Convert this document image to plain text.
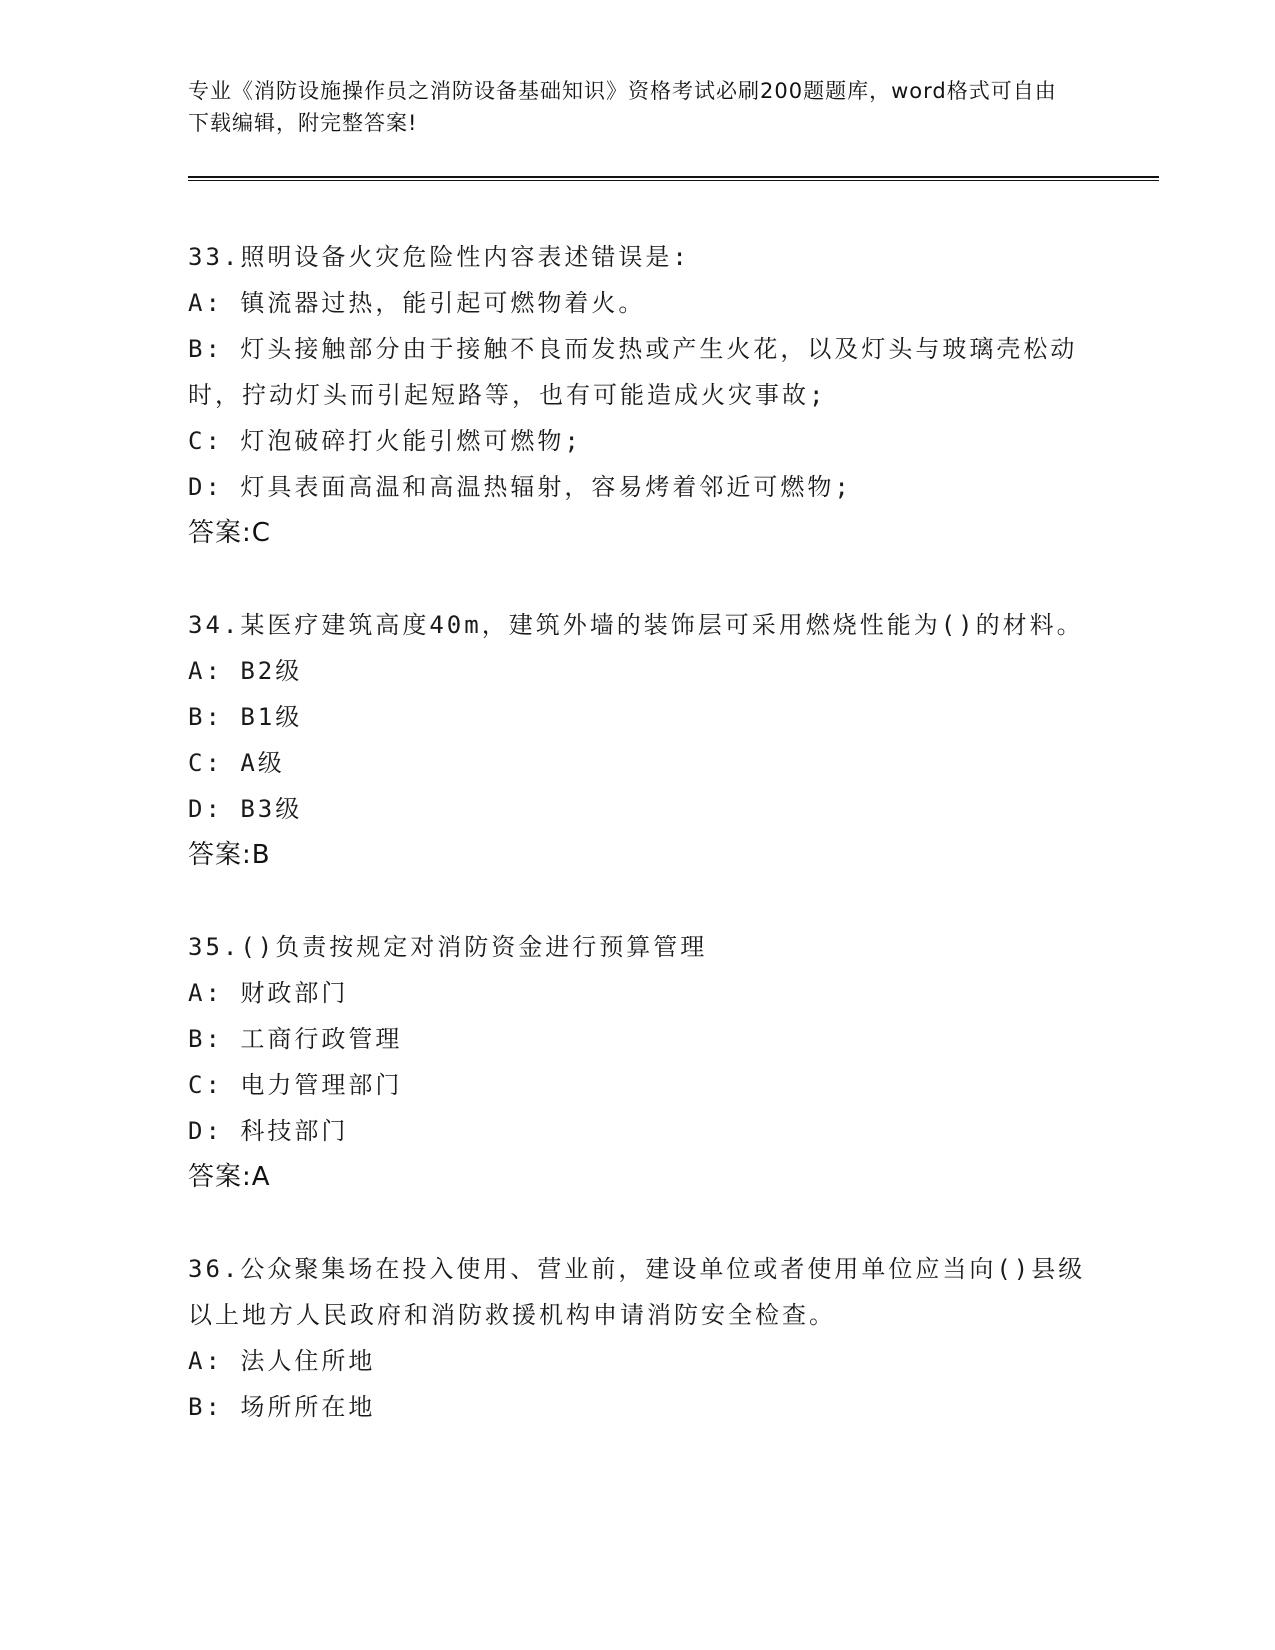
专业《消防设施操作员之消防设备基础知识》资格考试必刷200题题库，word格式可自由下载编辑，附完整答案!

33.照明设备火灾危险性内容表述错误是:

A: 镇流器过热，能引起可燃物着火。

B: 灯头接触部分由于接触不良而发热或产生火花，以及灯头与玻璃壳松动时，拧动灯头而引起短路等，也有可能造成火灾事故;

C: 灯泡破碎打火能引燃可燃物;

D: 灯具表面高温和高温热辐射，容易烤着邻近可燃物;

答案:C

34.某医疗建筑高度40m，建筑外墙的装饰层可采用燃烧性能为()的材料。

A: B2级

B: B1级

C: A级

D: B3级

答案:B

35.()负责按规定对消防资金进行预算管理

A: 财政部门

B: 工商行政管理

C: 电力管理部门

D: 科技部门

答案:A

36.公众聚集场在投入使用、营业前，建设单位或者使用单位应当向()县级以上地方人民政府和消防救援机构申请消防安全检查。

A: 法人住所地

B: 场所所在地
